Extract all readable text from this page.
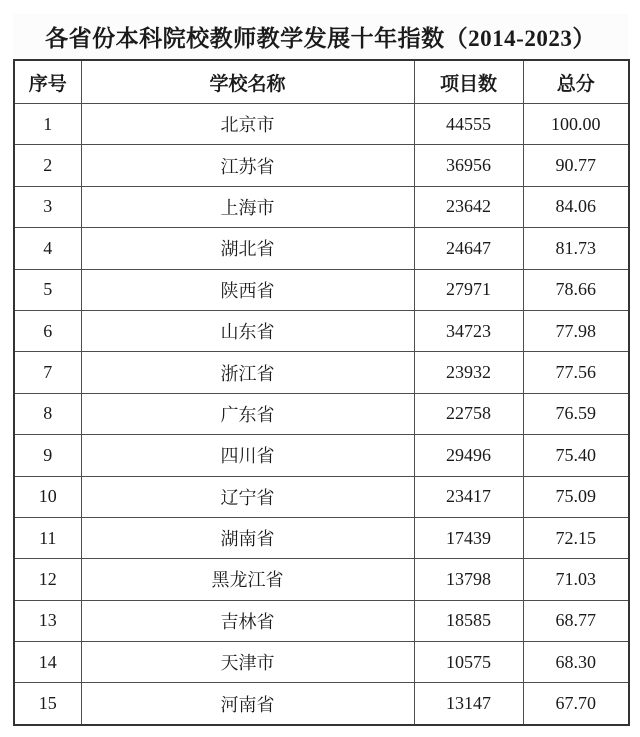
各省份本科院校教师教学发展十年指数（2014-2023）
序号	学校名称	项目数	总分
1	北京市	44555	100.00
2	江苏省	36956	90.77
3	上海市	23642	84.06
4	湖北省	24647	81.73
5	陕西省	27971	78.66
6	山东省	34723	77.98
7	浙江省	23932	77.56
8	广东省	22758	76.59
9	四川省	29496	75.40
10	辽宁省	23417	75.09
11	湖南省	17439	72.15
12	黑龙江省	13798	71.03
13	吉林省	18585	68.77
14	天津市	10575	68.30
15	河南省	13147	67.70
